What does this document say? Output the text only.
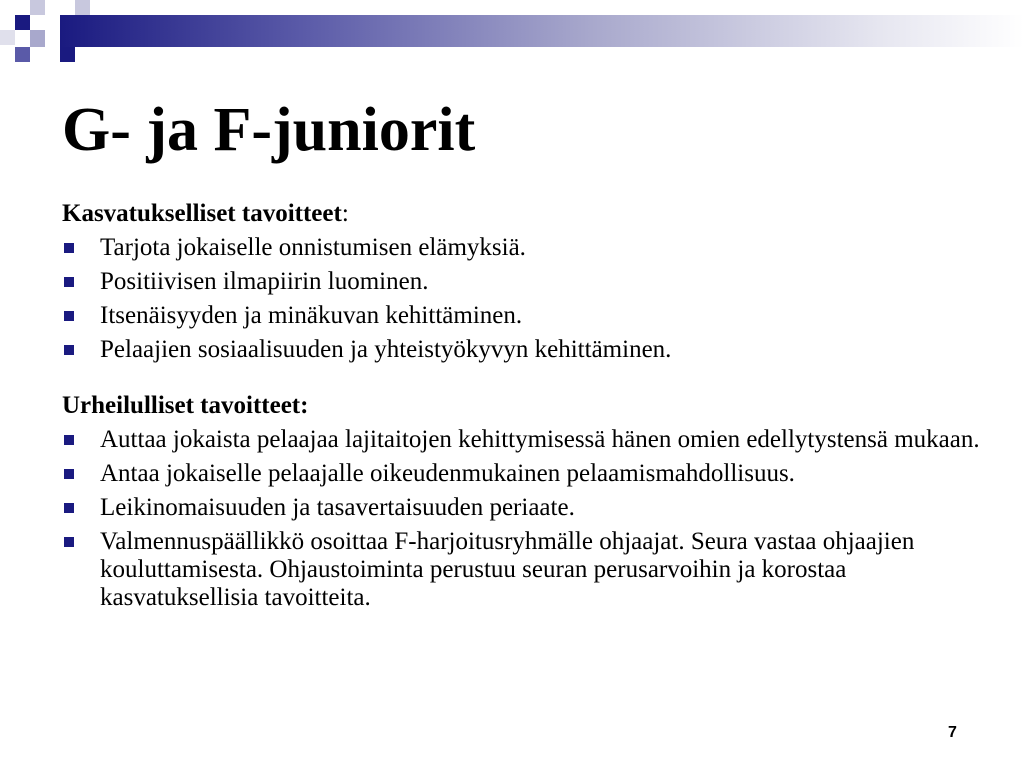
G- ja F-juniorit
Kasvatukselliset tavoitteet:
Tarjota jokaiselle onnistumisen elämyksiä.
Positiivisen ilmapiirin luominen.
Itsenäisyyden ja minäkuvan kehittäminen.
Pelaajien sosiaalisuuden ja yhteistyökyvyn kehittäminen.
Urheilulliset tavoitteet:
Auttaa jokaista pelaajaa lajitaitojen kehittymisessä hänen omien edellytystensä mukaan.
Antaa jokaiselle pelaajalle oikeudenmukainen pelaamismahdollisuus.
Leikinomaisuuden ja tasavertaisuuden periaate.
Valmennuspäällikkö osoittaa F-harjoitusryhmälle ohjaajat. Seura vastaa ohjaajien kouluttamisesta. Ohjaustoiminta perustuu seuran perusarvoihin ja korostaa kasvatuksellisia tavoitteita.
7
